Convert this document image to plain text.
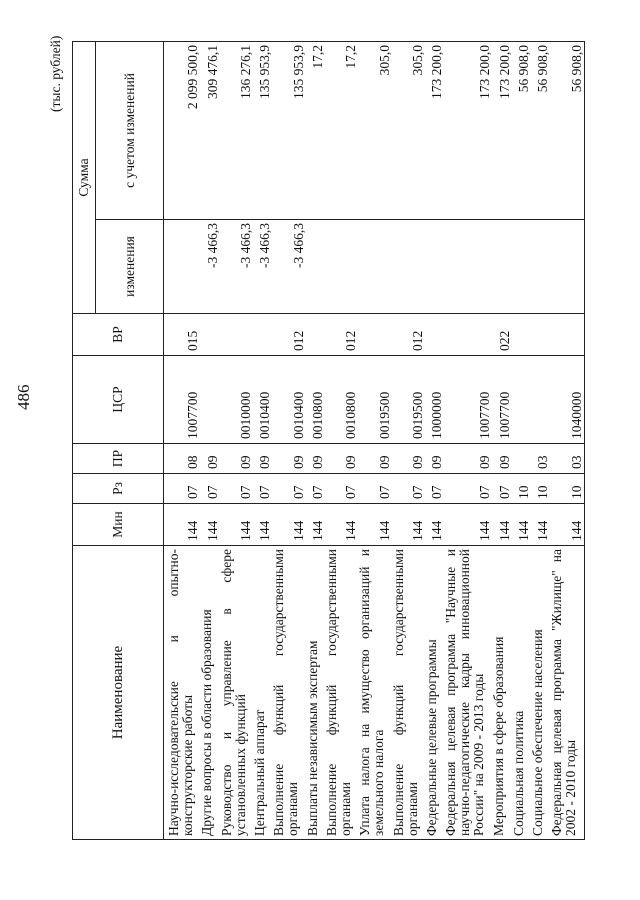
486
(тыс. рублей)
Наименование	Мин	Рз	ПР	ЦСР	ВР	Сумма	
						изменения	с учетом изменений
Научно-исследовательские и опытно-конструкторские работы	144	07	08	1007700	015		2 099 500,0
Другие вопросы в области образования	144	07	09			-3 466,3	309 476,1
Руководство и управление в сфере установленных функций	144	07	09	0010000		-3 466,3	136 276,1
Центральный аппарат	144	07	09	0010400		-3 466,3	135 953,9
Выполнение функций государственными органами	144	07	09	0010400	012	-3 466,3	135 953,9
Выплаты независимым экспертам	144	07	09	0010800			17,2
Выполнение функций государственными органами	144	07	09	0010800	012		17,2
Уплата налога на имущество организаций и земельного налога	144	07	09	0019500			305,0
Выполнение функций государственными органами	144	07	09	0019500	012		305,0
Федеральные целевые программы	144	07	09	1000000			173 200,0
Федеральная целевая программа "Научные и научно-педагогические кадры инновационной России" на 2009 - 2013 годы	144	07	09	1007700			173 200,0
Мероприятия в сфере образования	144	07	09	1007700	022		173 200,0
Социальная политика	144	10					56 908,0
Социальное обеспечение населения	144	10	03				56 908,0
Федеральная целевая программа "Жилище" на 2002 - 2010 годы	144	10	03	1040000			56 908,0
